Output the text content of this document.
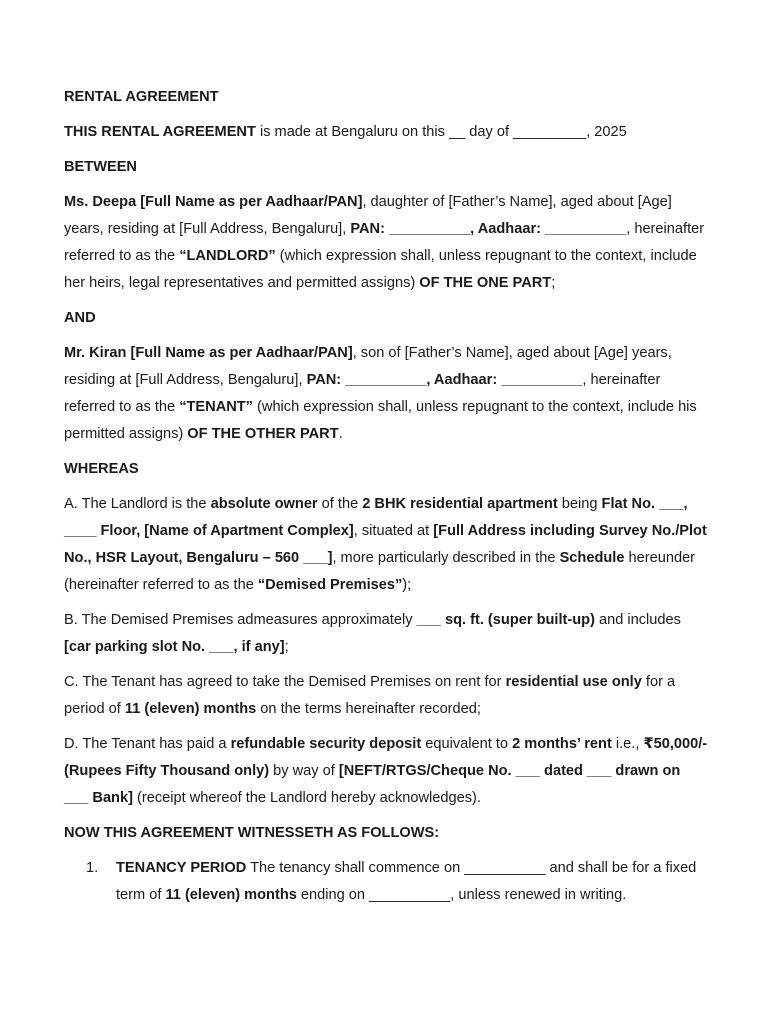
RENTAL AGREEMENT

THIS RENTAL AGREEMENT is made at Bengaluru on this __ day of _________, 2025

BETWEEN

Ms. Deepa [Full Name as per Aadhaar/PAN], daughter of [Father’s Name], aged about [Age] years, residing at [Full Address, Bengaluru], PAN: __________, Aadhaar: __________, hereinafter referred to as the “LANDLORD” (which expression shall, unless repugnant to the context, include her heirs, legal representatives and permitted assigns) OF THE ONE PART;

AND

Mr. Kiran [Full Name as per Aadhaar/PAN], son of [Father’s Name], aged about [Age] years, residing at [Full Address, Bengaluru], PAN: __________, Aadhaar: __________, hereinafter referred to as the “TENANT” (which expression shall, unless repugnant to the context, include his permitted assigns) OF THE OTHER PART.

WHEREAS

A. The Landlord is the absolute owner of the 2 BHK residential apartment being Flat No. ___, ____ Floor, [Name of Apartment Complex], situated at [Full Address including Survey No./Plot No., HSR Layout, Bengaluru – 560 ___], more particularly described in the Schedule hereunder (hereinafter referred to as the “Demised Premises”);

B. The Demised Premises admeasures approximately ___ sq. ft. (super built-up) and includes [car parking slot No. ___, if any];

C. The Tenant has agreed to take the Demised Premises on rent for residential use only for a period of 11 (eleven) months on the terms hereinafter recorded;

D. The Tenant has paid a refundable security deposit equivalent to 2 months’ rent i.e., ₹50,000/- (Rupees Fifty Thousand only) by way of [NEFT/RTGS/Cheque No. ___ dated ___ drawn on ___ Bank] (receipt whereof the Landlord hereby acknowledges).

NOW THIS AGREEMENT WITNESSETH AS FOLLOWS:

1.	TENANCY PERIOD The tenancy shall commence on __________ and shall be for a fixed term of 11 (eleven) months ending on __________, unless renewed in writing.
